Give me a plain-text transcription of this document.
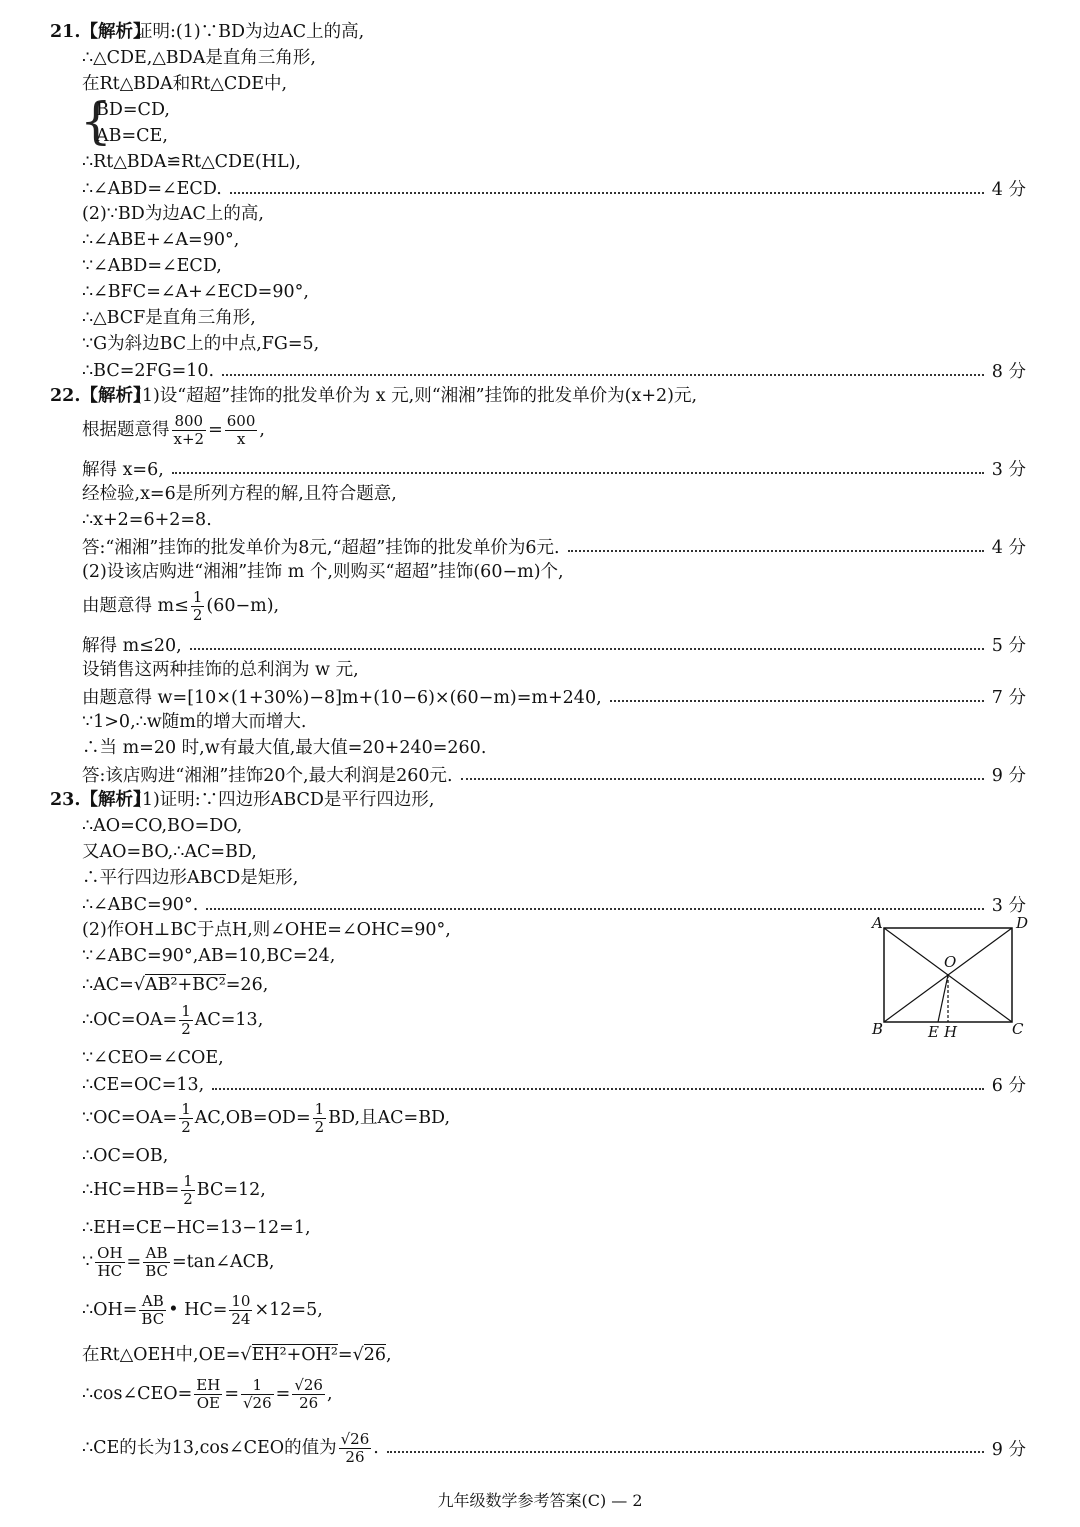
21.【解析】
证明:(1)∵BD为边AC上的高,
∴△CDE,△BDA是直角三角形,
在Rt△BDA和Rt△CDE中,
{
BD=CD,
AB=CE,
∴Rt△BDA≌Rt△CDE(HL),
∴∠ABD=∠ECD.	4 分
(2)∵BD为边AC上的高,
∴∠ABE+∠A=90°,
∵∠ABD=∠ECD,
∴∠BFC=∠A+∠ECD=90°,
∴△BCF是直角三角形,
∵G为斜边BC上的中点,FG=5,
∴BC=2FG=10.	8 分
22.【解析】
(1)设“超超”挂饰的批发单价为 x 元,则“湘湘”挂饰的批发单价为(x+2)元,
根据题意得 $\frac{800}{x+2} = \frac{600}{x}$ ,
解得 x=6,	3 分
经检验,x=6是所列方程的解,且符合题意,
∴x+2=6+2=8.
答:“湘湘”挂饰的批发单价为8元,“超超”挂饰的批发单价为6元.	4 分
(2)设该店购进“湘湘”挂饰 m 个,则购买“超超”挂饰(60−m)个,
由题意得 $m\le \frac{1}{2} (60-m)$,
解得 m≤20,	5 分
设销售这两种挂饰的总利润为 w 元,
由题意得 w=[10×(1+30%)−8]m+(10−6)×(60−m)=m+240,	7 分
∵1>0,∴w随m的增大而增大.
∴当 m=20 时,w有最大值,最大值=20+240=260.
答:该店购进“湘湘”挂饰20个,最大利润是260元.	9 分
23.【解析】
(1)证明:∵四边形ABCD是平行四边形,
∴AO=CO,BO=DO,
又AO=BO,∴AC=BD,
∴平行四边形ABCD是矩形,
∴∠ABC=90°.	3 分
(2)作OH⊥BC于点H,则∠OHE=∠OHC=90°,
∵∠ABC=90°,AB=10,BC=24,
∴AC=√AB²+BC²=26,
∴OC=OA= $\frac{1}{2} AC=13$,
∵∠CEO=∠COE,
∴CE=OC=13,	6 分
∵OC=OA= $\frac{1}{2} AC,OB=OD= \frac{1}{2}$ BD,且AC=BD,
∴OC=OB,
∴HC=HB= $\frac{1}{2} BC=12$,
∴EH=CE−HC=13−12=1,
∵ $\frac{OH}{HC} = \frac{AB}{BC}$ =tan∠ACB,
∴OH= $\frac{AB}{BC}$ • $HC= \frac{10}{24} \times 12=5$,
在Rt△OEH中,OE=√EH²+OH²=√26,
∴cos∠CEO= $\frac{EH}{OE} = \frac{1}{√26} = \frac{√26}{26}$ ,
∴CE的长为13,cos∠CEO的值为 $\frac{√26}{26}$ .	9 分
A	D
B	C
O
E H
九年级数学参考答案(C) — 2
